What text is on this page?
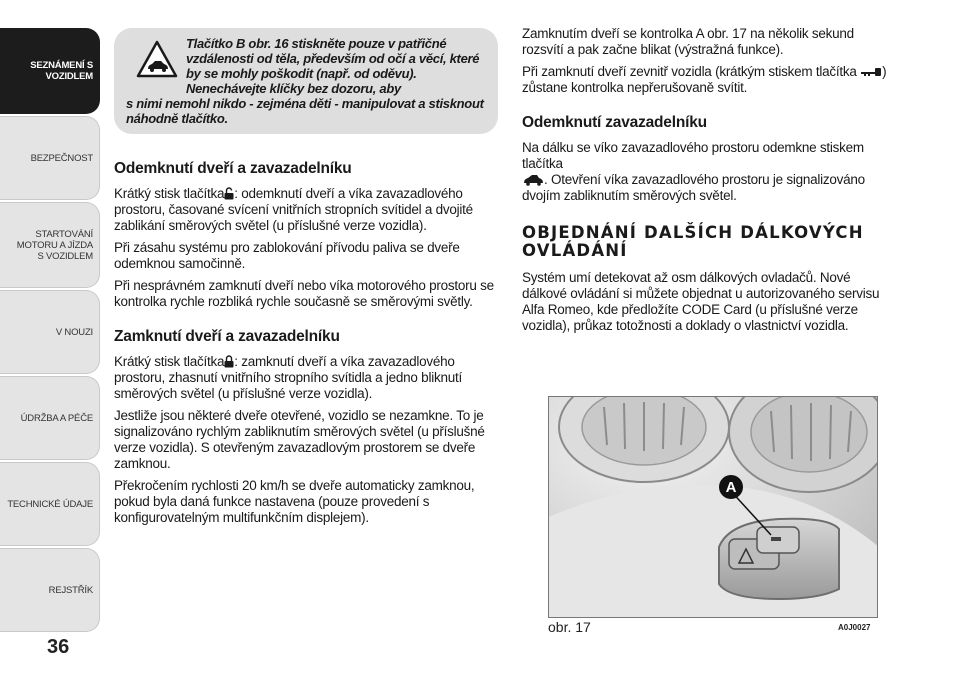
SEZNÁMENÍ S VOZIDLEM
BEZPEČNOST
STARTOVÁNÍ MOTORU A JÍZDA S VOZIDLEM
V NOUZI
ÚDRŽBA A PÉČE
TECHNICKÉ ÚDAJE
REJSTŘÍK
36
Tlačítko B obr. 16 stiskněte pouze v patřičné vzdálenosti od těla, především od očí a věcí, které by se mohly poškodit (např. od oděvu). Nenechávejte klíčky bez dozoru, aby
s nimi nemohl nikdo - zejména děti - manipulovat a stisknout náhodně tlačítko.
Odemknutí dveří a zavazadelníku

Krátký stisk tlačítka : odemknutí dveří a víka zavazadlového prostoru, časované svícení vnitřních stropních svítidel a dvojité zablikání směrových světel (u příslušné verze vozidla).

Při zásahu systému pro zablokování přívodu paliva se dveře odemknou samočinně.

Při nesprávném zamknutí dveří nebo víka motorového prostoru se kontrolka rychle rozbliká rychle současně se směrovými světly.

Zamknutí dveří a zavazadelníku

Krátký stisk tlačítka : zamknutí dveří a víka zavazadlového prostoru, zhasnutí vnitřního stropního svítidla a jedno bliknutí směrových světel (u příslušné verze vozidla).

Jestliže jsou některé dveře otevřené, vozidlo se nezamkne. To je signalizováno rychlým zabliknutím směrových světel (u příslušné verze vozidla). S otevřeným zavazadlovým prostorem se dveře zamknou.

Překročením rychlosti 20 km/h se dveře automaticky zamknou, pokud byla daná funkce nastavena (pouze provedení s konfigurovatelným multifunkčním displejem).

Zamknutím dveří se kontrolka A obr. 17 na několik sekund rozsvítí a pak začne blikat (výstražná funkce).

Při zamknutí dveří zevnitř vozidla (krátkým stiskem tlačítka ) zůstane kontrolka nepřerušovaně svítit.

Odemknutí zavazadelníku

Na dálku se víko zavazadlového prostoru odemkne stiskem tlačítka
. Otevření víka zavazadlového prostoru je signalizováno dvojím zabliknutím směrových světel.

OBJEDNÁNÍ DALŠÍCH DÁLKOVÝCH OVLÁDÁNÍ

Systém umí detekovat až osm dálkových ovladačů. Nové dálkové ovládání si můžete objednat u autorizovaného servisu Alfa Romeo, kde předložíte CODE Card (u příslušné verze vozidla), průkaz totožnosti a doklady o vlastnictví vozidla.

A
obr. 17	A0J0027
